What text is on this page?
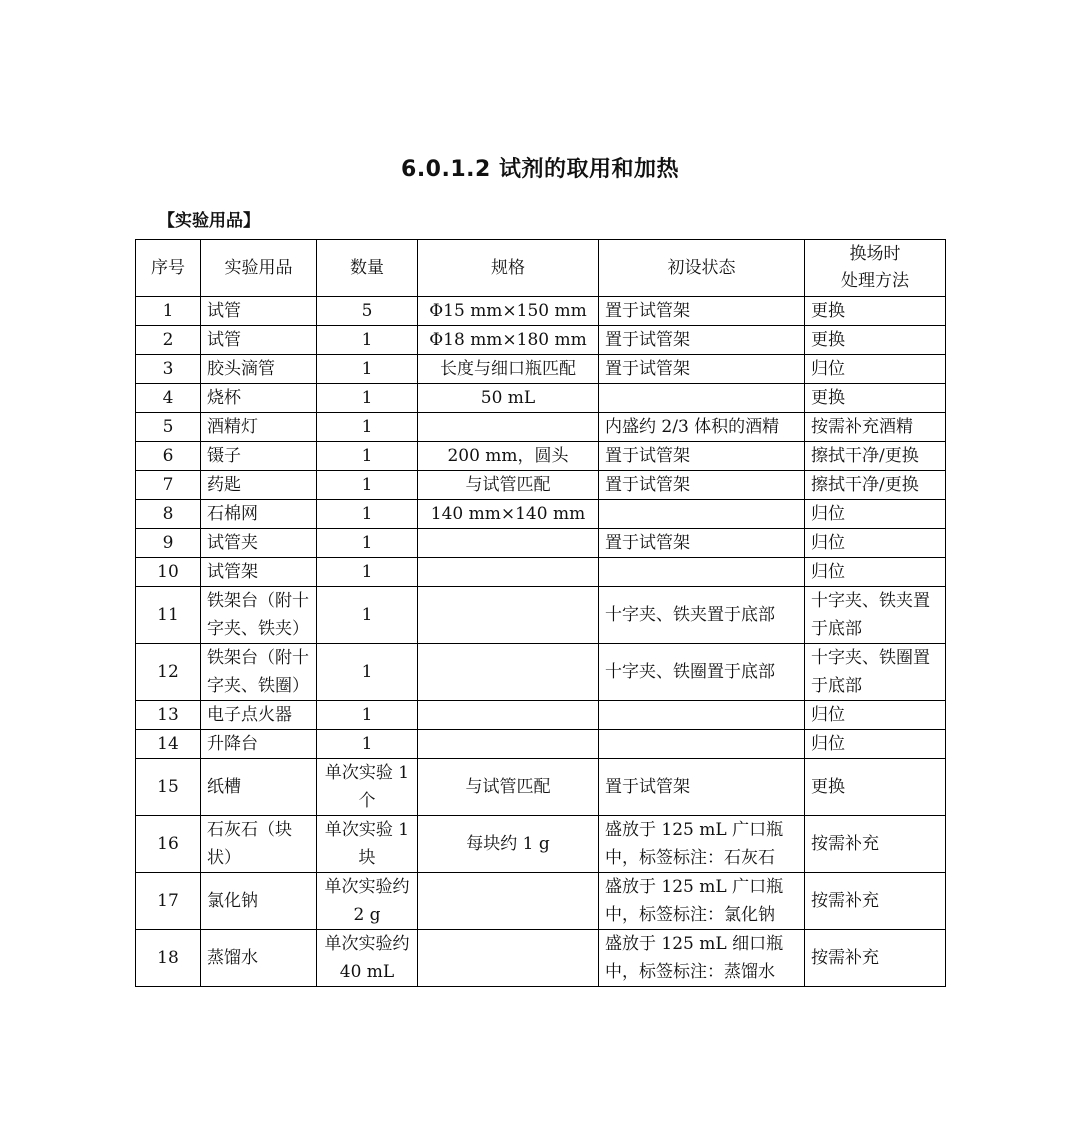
6.0.1.2 试剂的取用和加热
【实验用品】
序号	实验用品	数量	规格	初设状态	换场时
处理方法

1	试管	5	Φ15 mm×150 mm	置于试管架	更换
2	试管	1	Φ18 mm×180 mm	置于试管架	更换
3	胶头滴管	1	长度与细口瓶匹配	置于试管架	归位
4	烧杯	1	50 mL		更换
5	酒精灯	1		内盛约 2/3 体积的酒精	按需补充酒精
6	镊子	1	200 mm，圆头	置于试管架	擦拭干净/更换
7	药匙	1	与试管匹配	置于试管架	擦拭干净/更换
8	石棉网	1	140 mm×140 mm		归位
9	试管夹	1		置于试管架	归位
10	试管架	1			归位
11	铁架台（附十字夹、铁夹）	1		十字夹、铁夹置于底部	十字夹、铁夹置于底部
12	铁架台（附十字夹、铁圈）	1		十字夹、铁圈置于底部	十字夹、铁圈置于底部
13	电子点火器	1			归位
14	升降台	1			归位
15	纸槽	单次实验 1 个	与试管匹配	置于试管架	更换
16	石灰石（块状）	单次实验 1 块	每块约 1 g	盛放于 125 mL 广口瓶中，标签标注：石灰石	按需补充
17	氯化钠	单次实验约 2 g		盛放于 125 mL 广口瓶中，标签标注：氯化钠	按需补充
18	蒸馏水	单次实验约 40 mL		盛放于 125 mL 细口瓶中，标签标注：蒸馏水	按需补充
